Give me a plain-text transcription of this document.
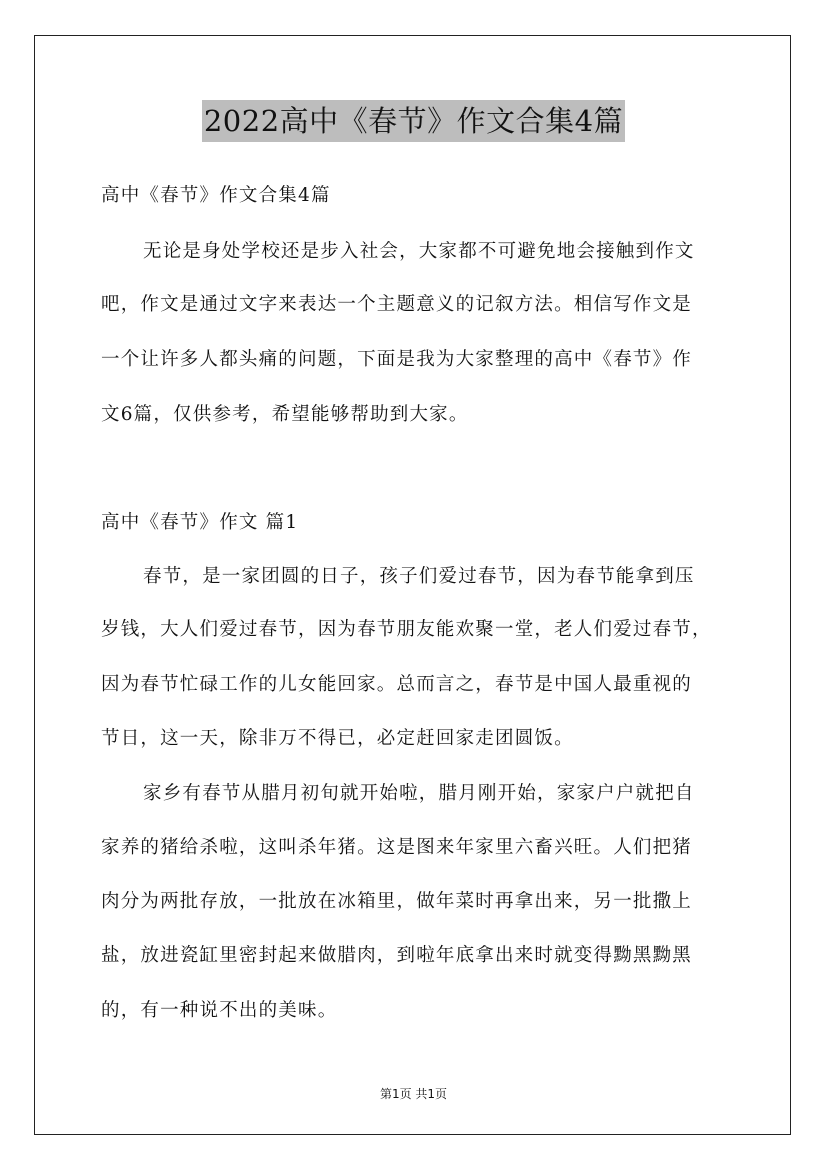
2022高中《春节》作文合集4篇
高中《春节》作文合集4篇
无论是身处学校还是步入社会，大家都不可避免地会接触到作文
吧，作文是通过文字来表达一个主题意义的记叙方法。相信写作文是
一个让许多人都头痛的问题，下面是我为大家整理的高中《春节》作
文6篇，仅供参考，希望能够帮助到大家。
高中《春节》作文 篇1
春节，是一家团圆的日子，孩子们爱过春节，因为春节能拿到压
岁钱，大人们爱过春节，因为春节朋友能欢聚一堂，老人们爱过春节，
因为春节忙碌工作的儿女能回家。总而言之，春节是中国人最重视的
节日，这一天，除非万不得已，必定赶回家走团圆饭。
家乡有春节从腊月初旬就开始啦，腊月刚开始，家家户户就把自
家养的猪给杀啦，这叫杀年猪。这是图来年家里六畜兴旺。人们把猪
肉分为两批存放，一批放在冰箱里，做年菜时再拿出来，另一批撒上
盐，放进瓷缸里密封起来做腊肉，到啦年底拿出来时就变得黝黑黝黑
的，有一种说不出的美味。
第1页 共1页
